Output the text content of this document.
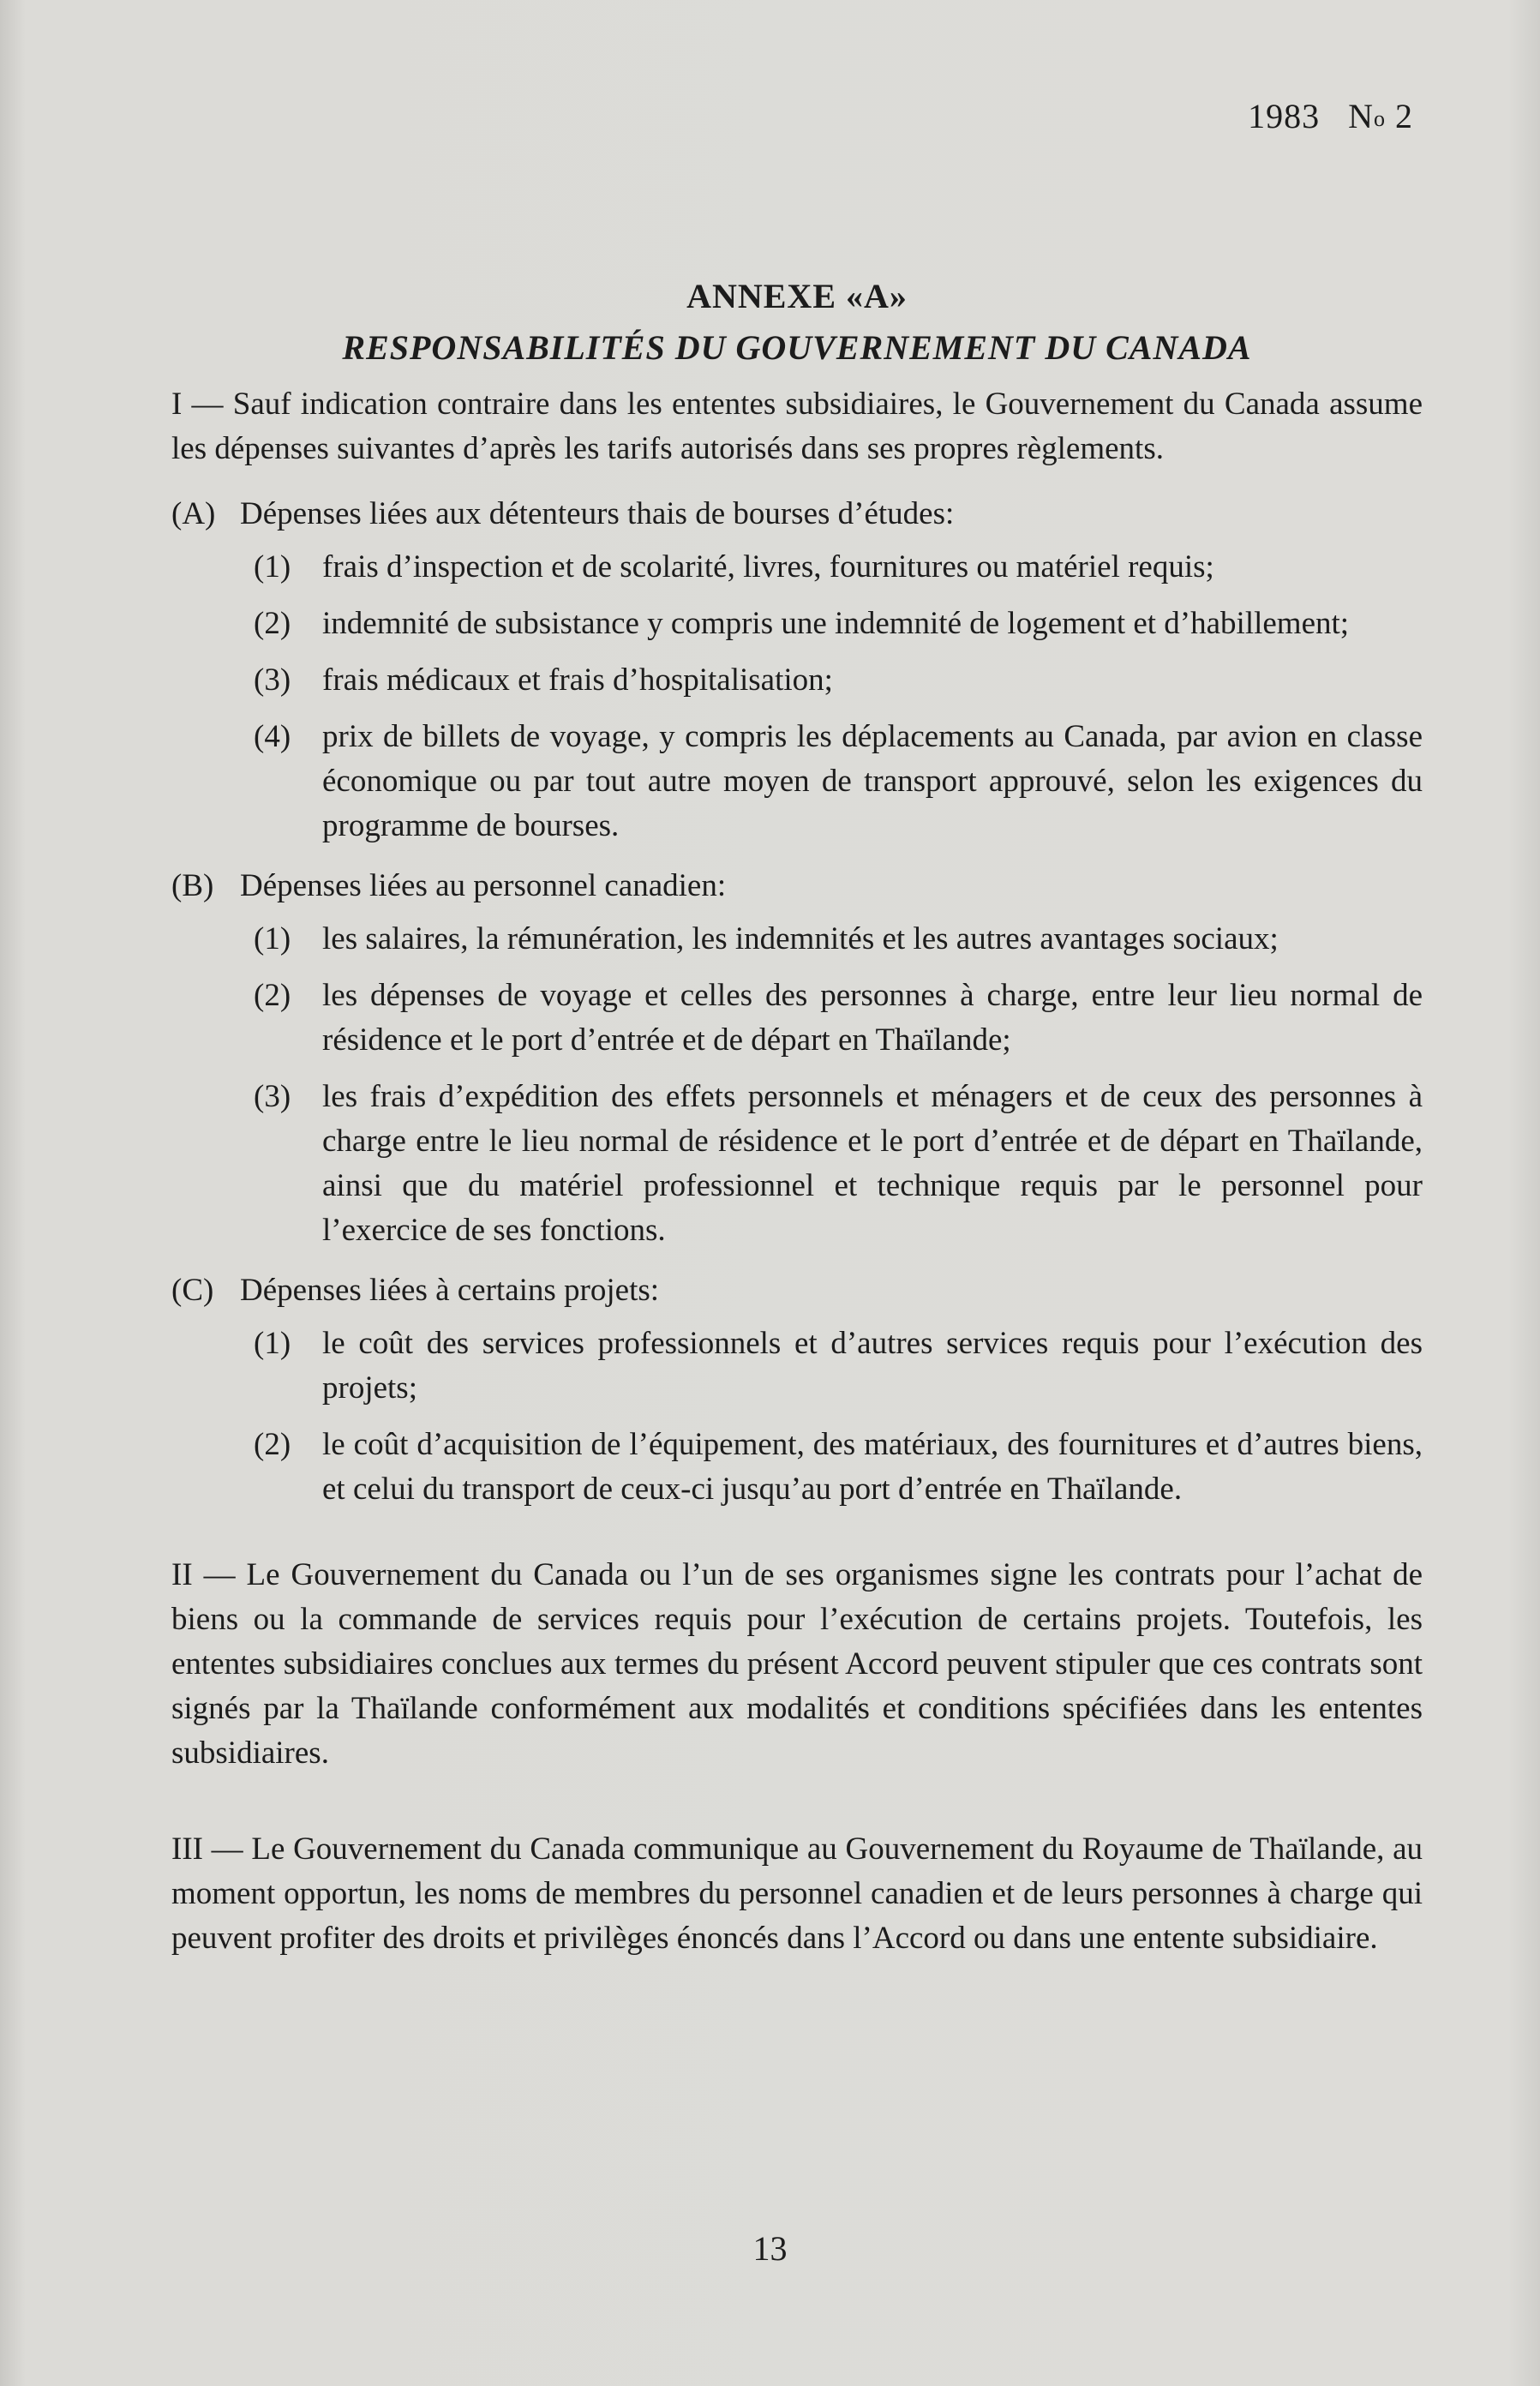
1983 $N^o$ 2
ANNEXE «A»
RESPONSABILITÉS DU GOUVERNEMENT DU CANADA

I — Sauf indication contraire dans les ententes subsidiaires, le Gouvernement du Canada assume les dépenses suivantes d’après les tarifs autorisés dans ses propres règlements.

(A) Dépenses liées aux détenteurs thais de bourses d’études:
(1) frais d’inspection et de scolarité, livres, fournitures ou matériel requis;
(2) indemnité de subsistance y compris une indemnité de logement et d’habillement;
(3) frais médicaux et frais d’hospitalisation;
(4) prix de billets de voyage, y compris les déplacements au Canada, par avion en classe économique ou par tout autre moyen de transport approuvé, selon les exigences du programme de bourses.
(B) Dépenses liées au personnel canadien:
(1) les salaires, la rémunération, les indemnités et les autres avantages sociaux;
(2) les dépenses de voyage et celles des personnes à charge, entre leur lieu normal de résidence et le port d’entrée et de départ en Thaïlande;
(3) les frais d’expédition des effets personnels et ménagers et de ceux des personnes à charge entre le lieu normal de résidence et le port d’entrée et de départ en Thaïlande, ainsi que du matériel professionnel et technique requis par le personnel pour l’exercice de ses fonctions.
(C) Dépenses liées à certains projets:
(1) le coût des services professionnels et d’autres services requis pour l’exécution des projets;
(2) le coût d’acquisition de l’équipement, des matériaux, des fournitures et d’autres biens, et celui du transport de ceux-ci jusqu’au port d’entrée en Thaïlande.

II — Le Gouvernement du Canada ou l’un de ses organismes signe les contrats pour l’achat de biens ou la commande de services requis pour l’exécution de certains projets. Toutefois, les ententes subsidiaires conclues aux termes du présent Accord peuvent stipuler que ces contrats sont signés par la Thaïlande conformément aux modalités et conditions spécifiées dans les ententes subsidiaires.

III — Le Gouvernement du Canada communique au Gouvernement du Royaume de Thaïlande, au moment opportun, les noms de membres du personnel canadien et de leurs personnes à charge qui peuvent profiter des droits et privilèges énoncés dans l’Accord ou dans une entente subsidiaire.

13
